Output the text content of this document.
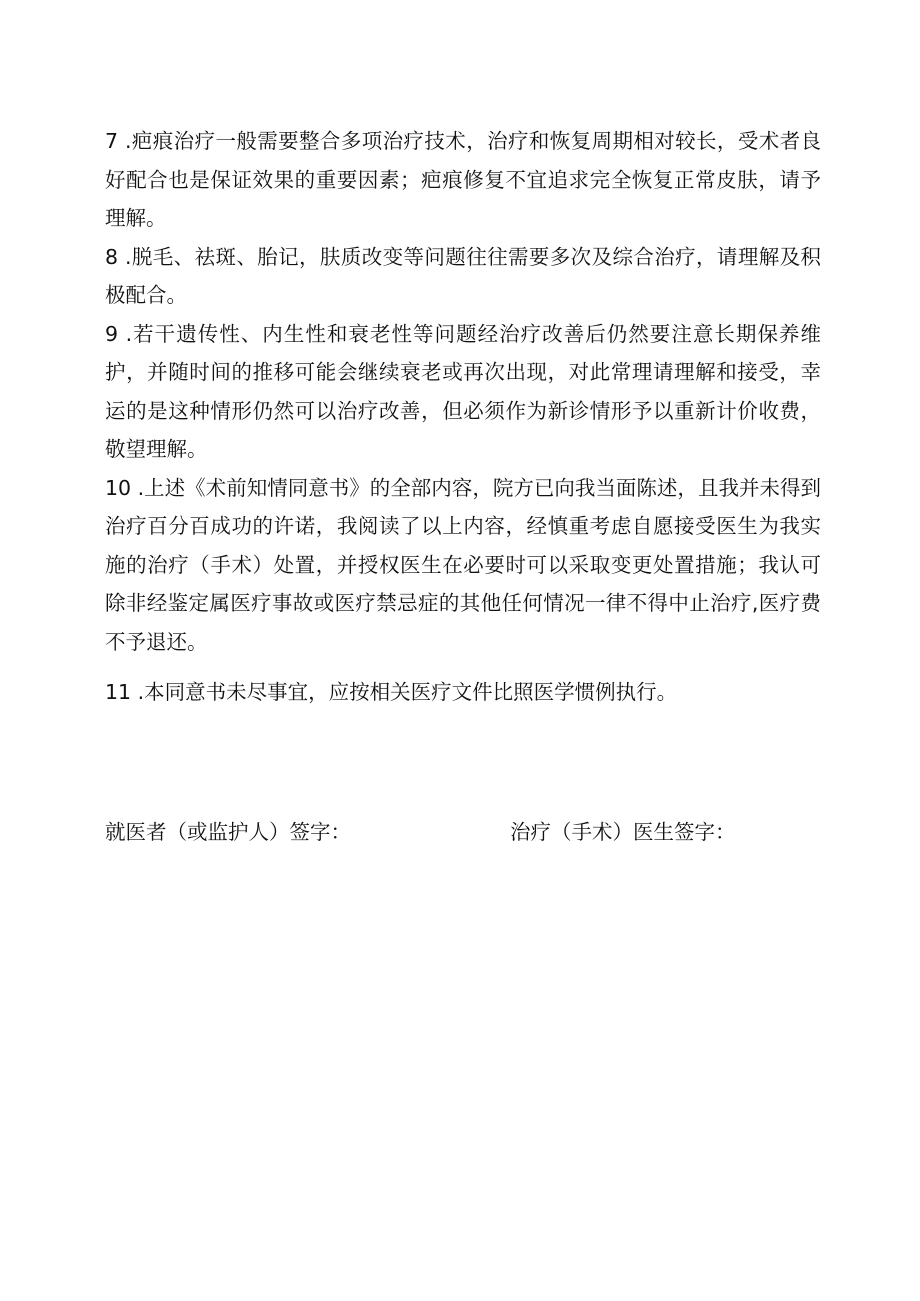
7 .疤痕治疗一般需要整合多项治疗技术，治疗和恢复周期相对较长，受术者良好配合也是保证效果的重要因素；疤痕修复不宜追求完全恢复正常皮肤，请予理解。

8 .脱毛、祛斑、胎记，肤质改变等问题往往需要多次及综合治疗，请理解及积极配合。

9 .若干遗传性、内生性和衰老性等问题经治疗改善后仍然要注意长期保养维护，并随时间的推移可能会继续衰老或再次出现，对此常理请理解和接受，幸运的是这种情形仍然可以治疗改善，但必须作为新诊情形予以重新计价收费，敬望理解。

10 .上述《术前知情同意书》的全部内容，院方已向我当面陈述，且我并未得到治疗百分百成功的许诺，我阅读了以上内容，经慎重考虑自愿接受医生为我实施的治疗（手术）处置，并授权医生在必要时可以采取变更处置措施；我认可除非经鉴定属医疗事故或医疗禁忌症的其他任何情况一律不得中止治疗,医疗费不予退还。

11 .本同意书未尽事宜，应按相关医疗文件比照医学惯例执行。

就医者（或监护人）签字：	治疗（手术）医生签字：
